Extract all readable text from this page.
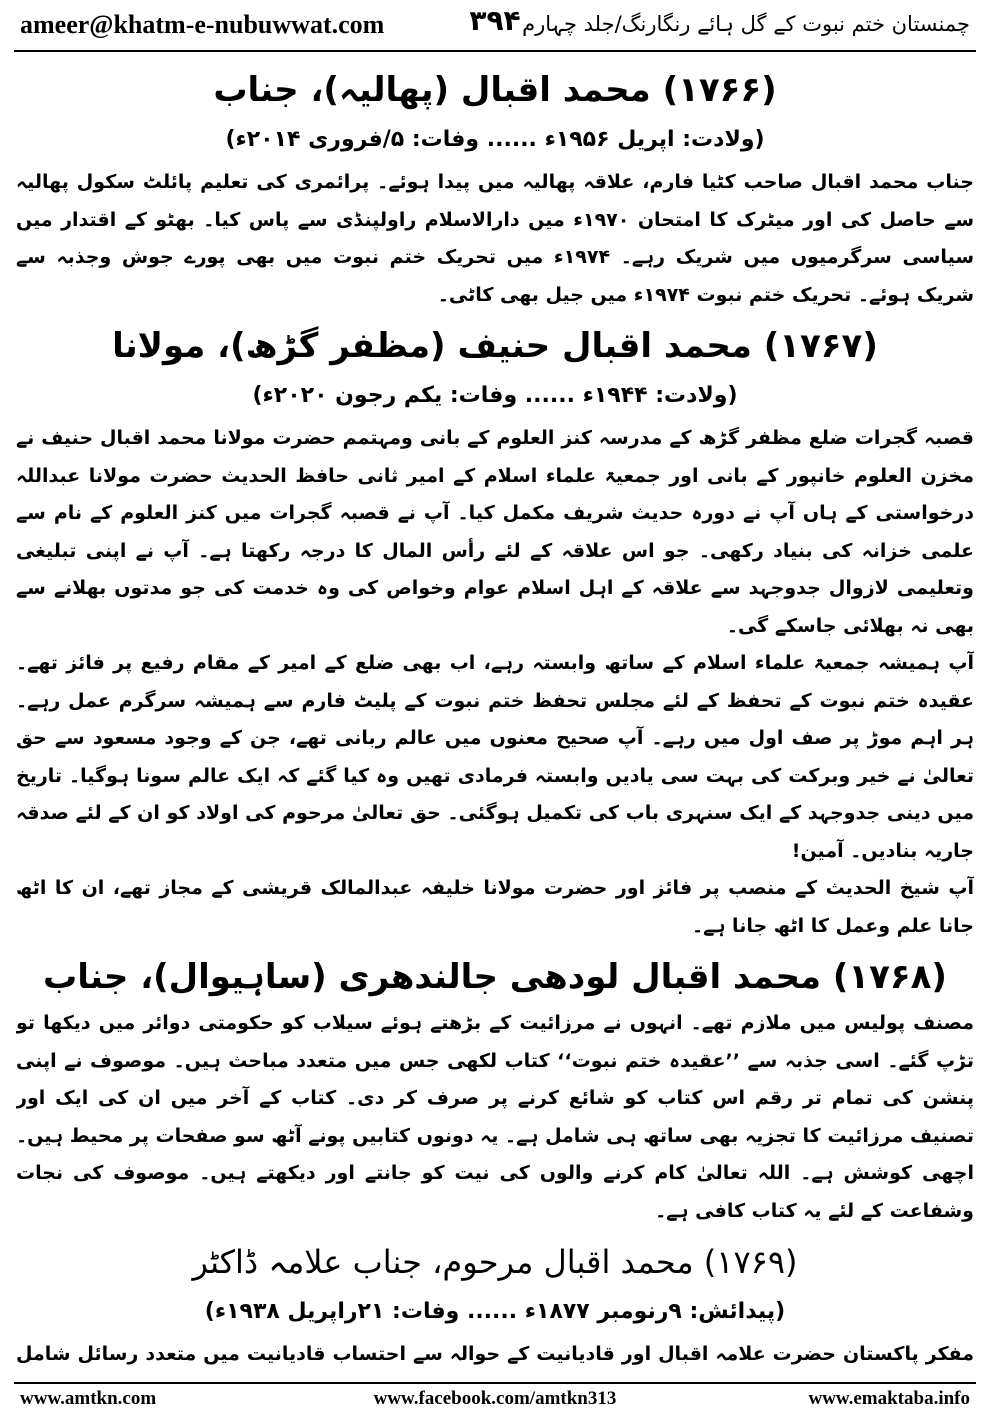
ameer@khatm-e-nubuwwat.com	۳۹۴ چمنستان ختم نبوت کے گل ہائے رنگارنگ/جلد چہارم
(۱۷۶۶) محمد اقبال (پھالیہ)، جناب
(ولادت: اپریل ۱۹۵۶ء ...... وفات: ۵/فروری ۲۰۱۴ء)

جناب محمد اقبال صاحب کٹیا فارم، علاقہ پھالیہ میں پیدا ہوئے۔ پرائمری کی تعلیم پائلٹ سکول پھالیہ سے حاصل کی اور میٹرک کا امتحان ۱۹۷۰ء میں دارالاسلام راولپنڈی سے پاس کیا۔ بھٹو کے اقتدار میں سیاسی سرگرمیوں میں شریک رہے۔ ۱۹۷۴ء میں تحریک ختم نبوت میں بھی پورے جوش وجذبہ سے شریک ہوئے۔ تحریک ختم نبوت ۱۹۷۴ء میں جیل بھی کاٹی۔

(۱۷۶۷) محمد اقبال حنیف (مظفر گڑھ)، مولانا
(ولادت: ۱۹۴۴ء ...... وفات: یکم رجون ۲۰۲۰ء)

قصبہ گجرات ضلع مظفر گڑھ کے مدرسہ کنز العلوم کے بانی ومہتمم حضرت مولانا محمد اقبال حنیف نے مخزن العلوم خانپور کے بانی اور جمعیۃ علماء اسلام کے امیر ثانی حافظ الحدیث حضرت مولانا عبداللہ درخواستی کے ہاں آپ نے دورہ حدیث شریف مکمل کیا۔ آپ نے قصبہ گجرات میں کنز العلوم کے نام سے علمی خزانہ کی بنیاد رکھی۔ جو اس علاقہ کے لئے رأس المال کا درجہ رکھتا ہے۔ آپ نے اپنی تبلیغی وتعلیمی لازوال جدوجہد سے علاقہ کے اہل اسلام عوام وخواص کی وہ خدمت کی جو مدتوں بھلانے سے بھی نہ بھلائی جاسکے گی۔

آپ ہمیشہ جمعیۃ علماء اسلام کے ساتھ وابستہ رہے، اب بھی ضلع کے امیر کے مقام رفیع پر فائز تھے۔ عقیدہ ختم نبوت کے تحفظ کے لئے مجلس تحفظ ختم نبوت کے پلیٹ فارم سے ہمیشہ سرگرم عمل رہے۔ ہر اہم موڑ پر صف اول میں رہے۔ آپ صحیح معنوں میں عالم ربانی تھے، جن کے وجود مسعود سے حق تعالیٰ نے خیر وبرکت کی بہت سی یادیں وابستہ فرمادی تھیں وہ کیا گئے کہ ایک عالم سونا ہوگیا۔ تاریخ میں دینی جدوجہد کے ایک سنہری باب کی تکمیل ہوگئی۔ حق تعالیٰ مرحوم کی اولاد کو ان کے لئے صدقہ جاریہ بنادیں۔ آمین!

آپ شیخ الحدیث کے منصب پر فائز اور حضرت مولانا خلیفہ عبدالمالک قریشی کے مجاز تھے، ان کا اٹھ جانا علم وعمل کا اٹھ جانا ہے۔

(۱۷۶۸) محمد اقبال لودھی جالندھری (ساہیوال)، جناب

مصنف پولیس میں ملازم تھے۔ انہوں نے مرزائیت کے بڑھتے ہوئے سیلاب کو حکومتی دوائر میں دیکھا تو تڑپ گئے۔ اسی جذبہ سے ’’عقیدہ ختم نبوت‘‘ کتاب لکھی جس میں متعدد مباحث ہیں۔ موصوف نے اپنی پنشن کی تمام تر رقم اس کتاب کو شائع کرنے پر صرف کر دی۔ کتاب کے آخر میں ان کی ایک اور تصنیف مرزائیت کا تجزیہ بھی ساتھ ہی شامل ہے۔ یہ دونوں کتابیں پونے آٹھ سو صفحات پر محیط ہیں۔ اچھی کوشش ہے۔ اللہ تعالیٰ کام کرنے والوں کی نیت کو جانتے اور دیکھتے ہیں۔ موصوف کی نجات وشفاعت کے لئے یہ کتاب کافی ہے۔

(۱۷۶۹) محمد اقبال مرحوم، جناب علامہ ڈاکٹر
(پیدائش: ۹رنومبر ۱۸۷۷ء ...... وفات: ۲۱راپریل ۱۹۳۸ء)

مفکر پاکستان حضرت علامہ اقبال اور قادیانیت کے حوالہ سے احتساب قادیانیت میں متعدد رسائل شامل

www.amtkn.com	www.facebook.com/amtkn313	www.emaktaba.info
